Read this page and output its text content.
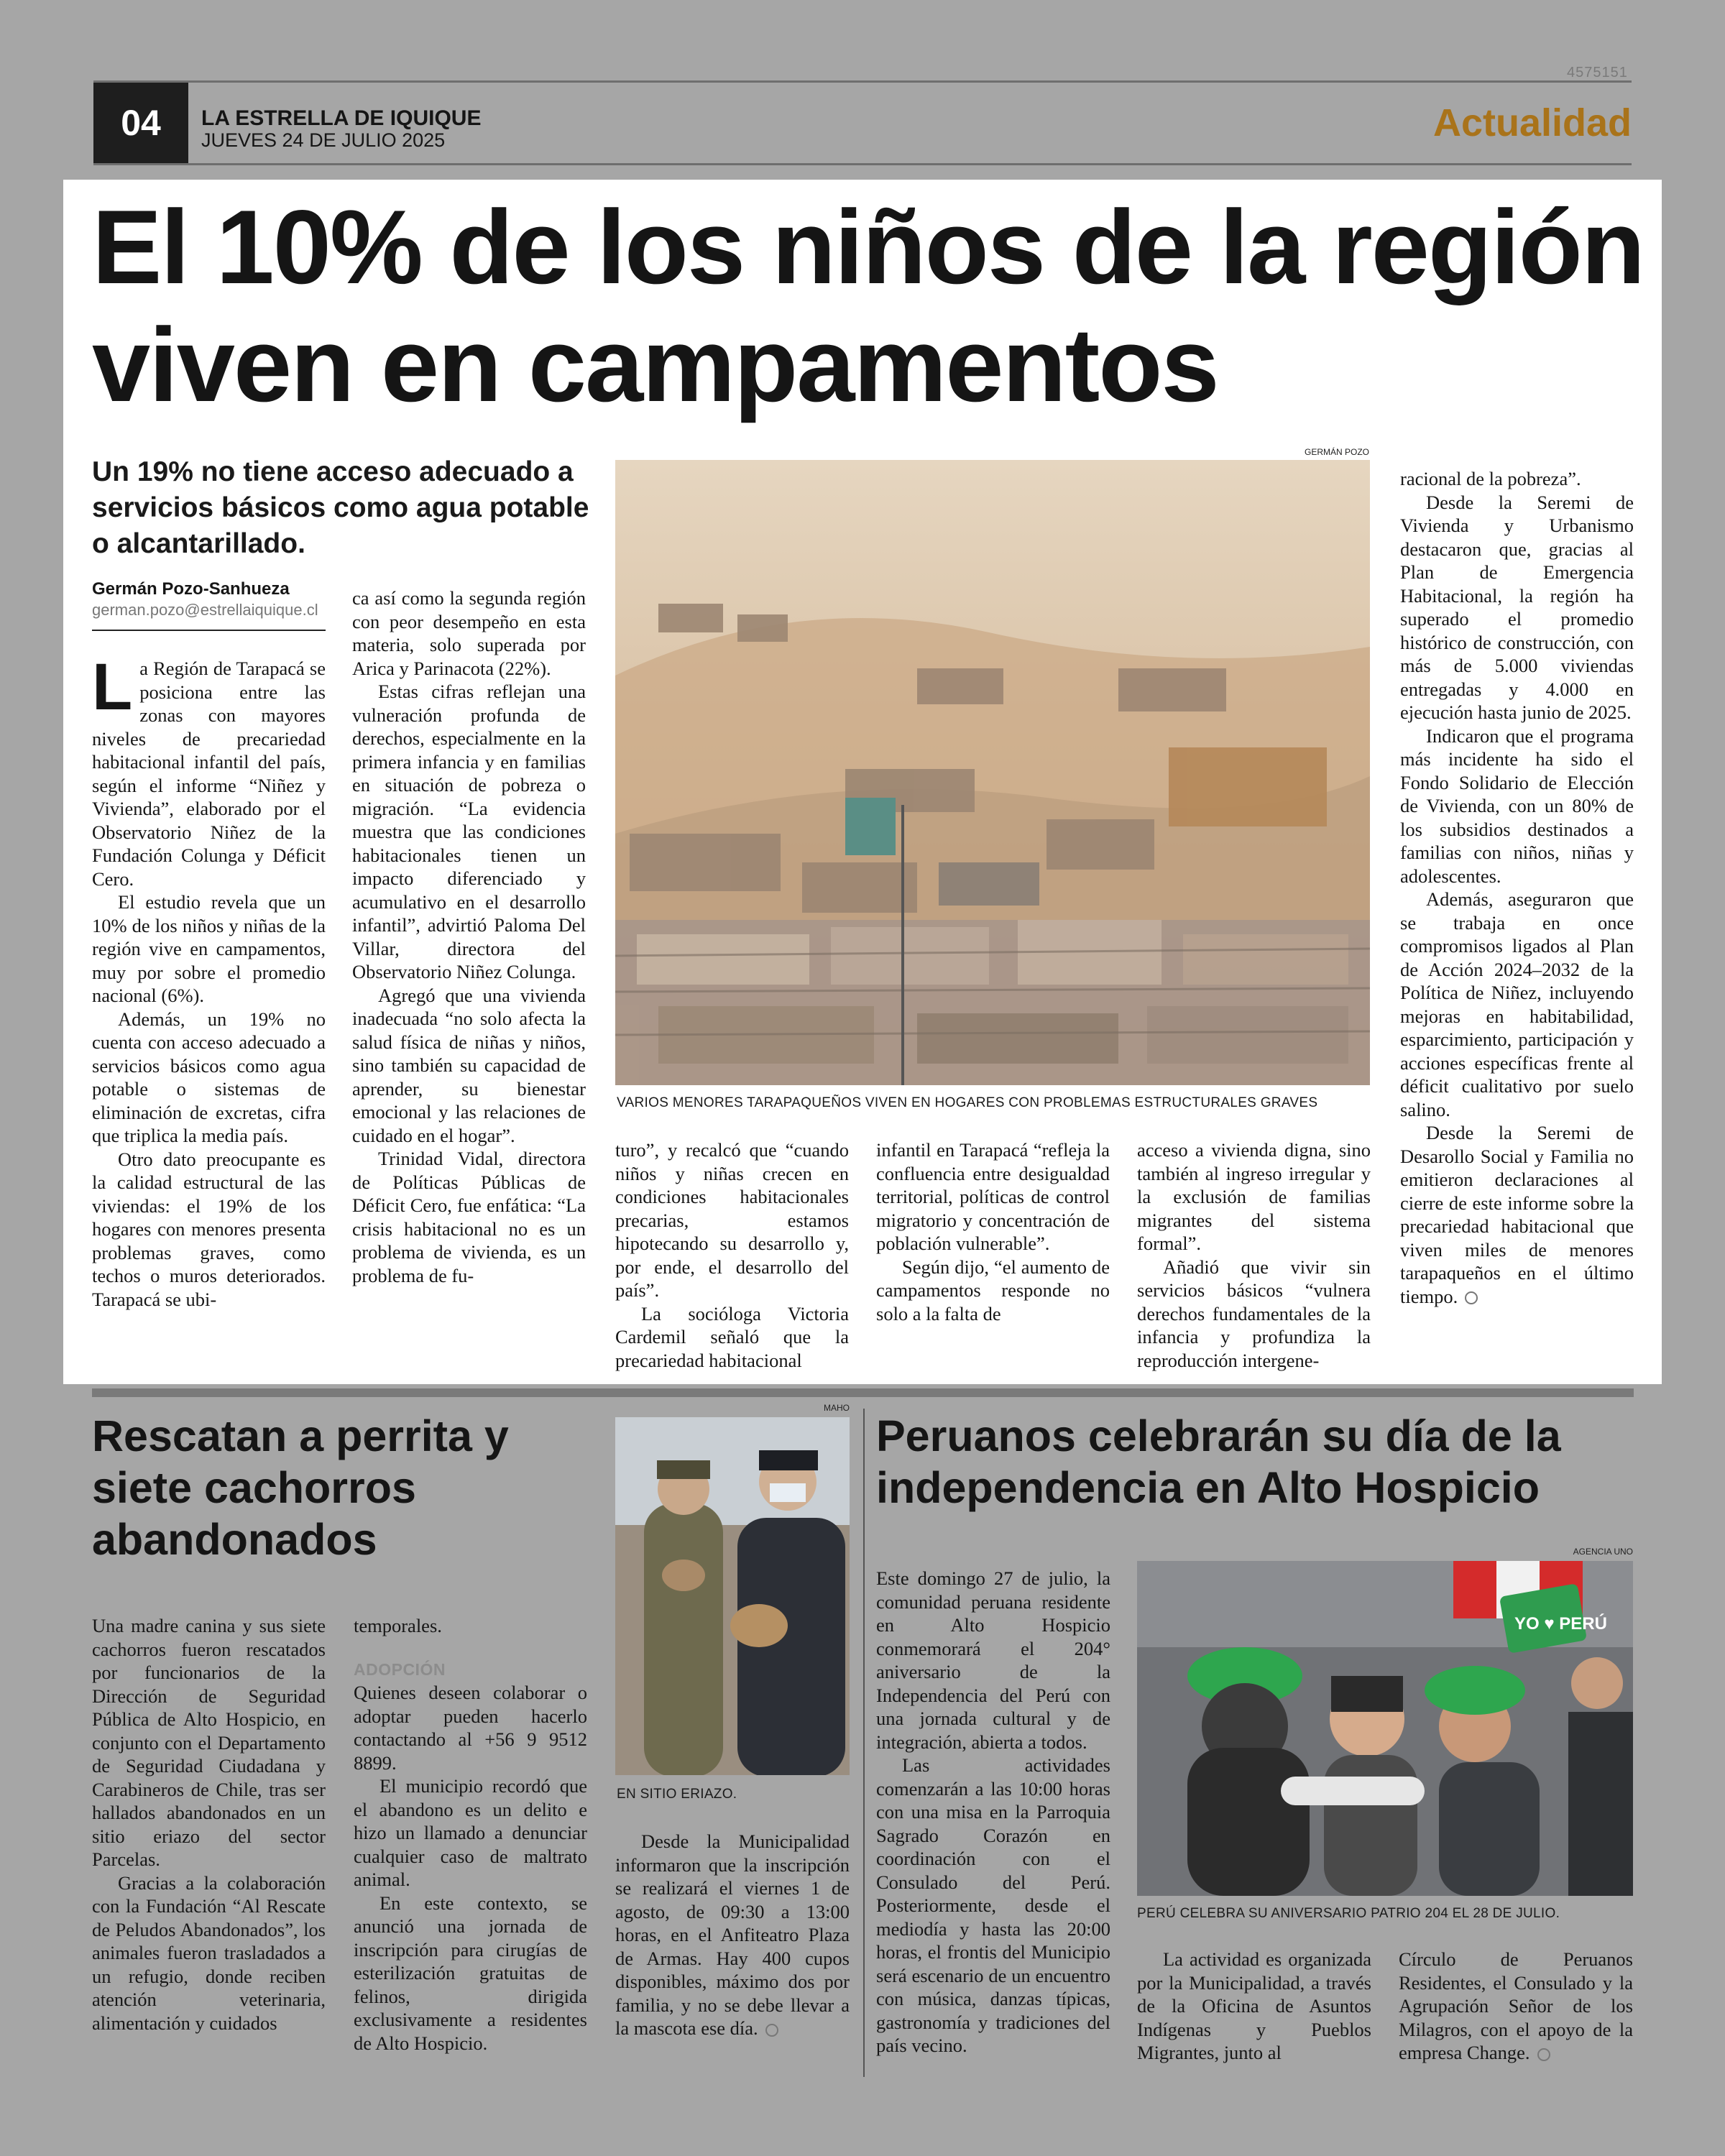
4575151
04	LA ESTRELLA DE IQUIQUE
JUEVES 24 DE JULIO 2025	Actualidad
El 10% de los niños de la región viven en campamentos
Un 19% no tiene acceso adecuado a servicios básicos como agua potable o alcantarillado.
Germán Pozo-Sanhueza
german.pozo@estrellaiquique.cl

La Región de Tarapacá se posiciona entre las zonas con mayores niveles de precariedad habitacional infantil del país, según el informe “Niñez y Vivienda”, elaborado por el Observatorio Niñez de la Fundación Colunga y Déficit Cero.

El estudio revela que un 10% de los niños y niñas de la región vive en campamentos, muy por sobre el promedio nacional (6%).

Además, un 19% no cuenta con acceso adecuado a servicios básicos como agua potable o sistemas de eliminación de excretas, cifra que triplica la media país.

Otro dato preocupante es la calidad estructural de las viviendas: el 19% de los hogares con menores presenta problemas graves, como techos o muros deteriorados. Tarapacá se ubi-

ca así como la segunda región con peor desempeño en esta materia, solo superada por Arica y Parinacota (22%).

Estas cifras reflejan una vulneración profunda de derechos, especialmente en la primera infancia y en familias en situación de pobreza o migración. “La evidencia muestra que las condiciones habitacionales tienen un impacto diferenciado y acumulativo en el desarrollo infantil”, advirtió Paloma Del Villar, directora del Observatorio Niñez Colunga.

Agregó que una vivienda inadecuada “no solo afecta la salud física de niñas y niños, sino también su capacidad de aprender, su bienestar emocional y las relaciones de cuidado en el hogar”.

Trinidad Vidal, directora de Políticas Públicas de Déficit Cero, fue enfática: “La crisis habitacional no es un problema de vivienda, es un problema de fu-

GERMÁN POZO
VARIOS MENORES TARAPAQUEÑOS VIVEN EN HOGARES CON PROBLEMAS ESTRUCTURALES GRAVES

turo”, y recalcó que “cuando niños y niñas crecen en condiciones habitacionales precarias, estamos hipotecando su desarrollo y, por ende, el desarrollo del país”.

La socióloga Victoria Cardemil señaló que la precariedad habitacional

infantil en Tarapacá “refleja la confluencia entre desigualdad territorial, políticas de control migratorio y concentración de población vulnerable”.

Según dijo, “el aumento de campamentos responde no solo a la falta de

acceso a vivienda digna, sino también al ingreso irregular y la exclusión de familias migrantes del sistema formal”.

Añadió que vivir sin servicios básicos “vulnera derechos fundamentales de la infancia y profundiza la reproducción intergene-

racional de la pobreza”.

Desde la Seremi de Vivienda y Urbanismo destacaron que, gracias al Plan de Emergencia Habitacional, la región ha superado el promedio histórico de construcción, con más de 5.000 viviendas entregadas y 4.000 en ejecución hasta junio de 2025.

Indicaron que el programa más incidente ha sido el Fondo Solidario de Elección de Vivienda, con un 80% de los subsidios destinados a familias con niños, niñas y adolescentes.

Además, aseguraron que se trabaja en once compromisos ligados al Plan de Acción 2024–2032 de la Política de Niñez, incluyendo mejoras en habitabilidad, esparcimiento, participación y acciones específicas frente al déficit cualitativo por suelo salino.

Desde la Seremi de Desarollo Social y Familia no emitieron declaraciones al cierre de este informe sobre la precariedad habitacional que viven miles de menores tarapaqueños en el último tiempo.

Rescatan a perrita y siete cachorros abandonados

Una madre canina y sus siete cachorros fueron rescatados por funcionarios de la Dirección de Seguridad Pública de Alto Hospicio, en conjunto con el Departamento de Seguridad Ciudadana y Carabineros de Chile, tras ser hallados abandonados en un sitio eriazo del sector Parcelas.

Gracias a la colaboración con la Fundación “Al Rescate de Peludos Abandonados”, los animales fueron trasladados a un refugio, donde reciben atención veterinaria, alimentación y cuidados

temporales.

ADOPCIÓN

Quienes deseen colaborar o adoptar pueden hacerlo contactando al +56 9 9512 8899.

El municipio recordó que el abandono es un delito e hizo un llamado a denunciar cualquier caso de maltrato animal.

En este contexto, se anunció una jornada de inscripción para cirugías de esterilización gratuitas de felinos, dirigida exclusivamente a residentes de Alto Hospicio.

MAHO
EN SITIO ERIAZO.

Desde la Municipalidad informaron que la inscripción se realizará el viernes 1 de agosto, de 09:30 a 13:00 horas, en el Anfiteatro Plaza de Armas. Hay 400 cupos disponibles, máximo dos por familia, y no se debe llevar a la mascota ese día.

Peruanos celebrarán su día de la independencia en Alto Hospicio

Este domingo 27 de julio, la comunidad peruana residente en Alto Hospicio conmemorará el 204° aniversario de la Independencia del Perú con una jornada cultural y de integración, abierta a todos.

Las actividades comenzarán a las 10:00 horas con una misa en la Parroquia Sagrado Corazón en coordinación con el Consulado del Perú. Posteriormente, desde el mediodía y hasta las 20:00 horas, el frontis del Municipio será escenario de un encuentro con música, danzas típicas, gastronomía y tradiciones del país vecino.

AGENCIA UNO
YO ♥ PERÚ
PERÚ CELEBRA SU ANIVERSARIO PATRIO 204 EL 28 DE JULIO.

La actividad es organizada por la Municipalidad, a través de la Oficina de Asuntos Indígenas y Pueblos Migrantes, junto al

Círculo de Peruanos Residentes, el Consulado y la Agrupación Señor de los Milagros, con el apoyo de la empresa Change.
